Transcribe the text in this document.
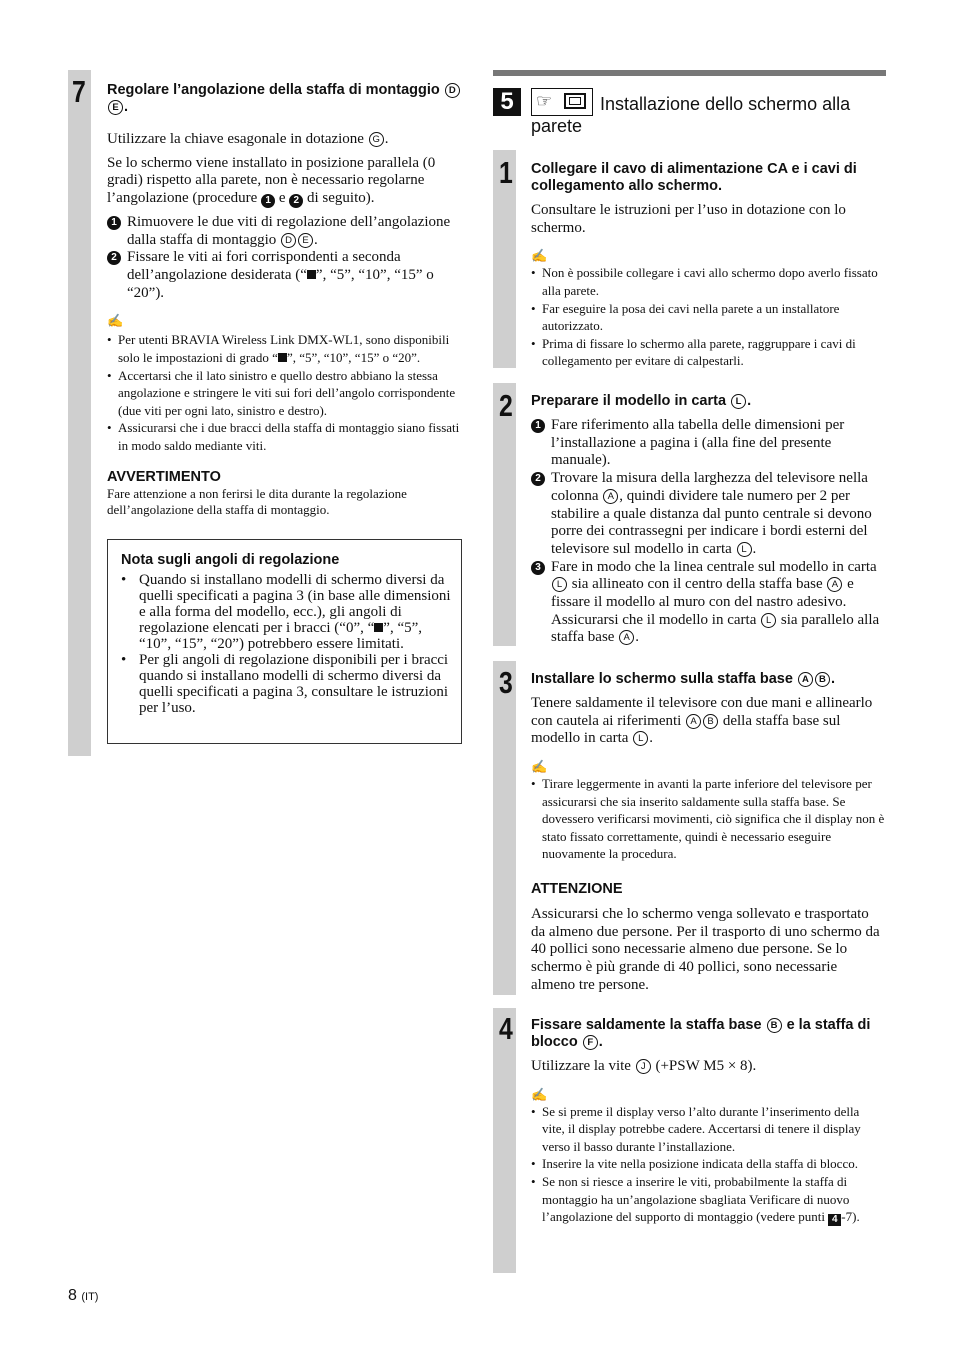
7 Regolare l’angolazione della staffa di montaggio DE .

Utilizzare la chiave esagonale in dotazione G .

Se lo schermo viene installato in posizione parallela (0 gradi) rispetto alla parete, non è necessario regolarne l’angolazione (procedure 1 e 2 di seguito).

1 Rimuovere le due viti di regolazione dell’angolazione dalla staffa di montaggio D E .
2 Fissare le viti ai fori corrispondenti a seconda dell’angolazione desiderata (“ ”, “5”, “10”, “15” o “20”).

✍

• Per utenti BRAVIA Wireless Link DMX-WL1, sono disponibili solo le impostazioni di grado “ ”, “5”, “10”, “15” o “20”.
• Accertarsi che il lato sinistro e quello destro abbiano la stessa angolazione e stringere le viti sui fori dell’angolo corrispondente (due viti per ogni lato, sinistro e destro).
• Assicurarsi che i due bracci della staffa di montaggio siano fissati in modo saldo mediante viti.

AVVERTIMENTO

Fare attenzione a non ferirsi le dita durante la regolazione dell’angolazione della staffa di montaggio.

Nota sugli angoli di regolazione

• Quando si installano modelli di schermo diversi da quelli specificati a pagina 3 (in base alle dimensioni e alla forma del modello, ecc.), gli angoli di regolazione elencati per i bracci (“0”, “ ”, “5”, “10”, “15”, “20”) potrebbero essere limitati.
• Per gli angoli di regolazione disponibili per i bracci quando si installano modelli di schermo diversi da quelli specificati a pagina 3, consultare le istruzioni per l’uso.
5	☞	Installazione dello schermo alla parete
1 Collegare il cavo di alimentazione CA e i cavi di collegamento allo schermo.

Consultare le istruzioni per l’uso in dotazione con lo schermo.

✍

• Non è possibile collegare i cavi allo schermo dopo averlo fissato alla parete.
• Far eseguire la posa dei cavi nella parete a un installatore autorizzato.
• Prima di fissare lo schermo alla parete, raggruppare i cavi di collegamento per evitare di calpestarli.
2 Preparare il modello in carta L .

1 Fare riferimento alla tabella delle dimensioni per l’installazione a pagina i (alla fine del presente manuale).
2 Trovare la misura della larghezza del televisore nella colonna A , quindi dividere tale numero per 2 per stabilire a quale distanza dal punto centrale si devono porre dei contrassegni per indicare i bordi esterni del televisore sul modello in carta L .
3 Fare in modo che la linea centrale sul modello in carta L sia allineato con il centro della staffa base A e fissare il modello al muro con del nastro adesivo. Assicurarsi che il modello in carta L sia parallelo alla staffa base A .
3 Installare lo schermo sulla staffa base A B .

Tenere saldamente il televisore con due mani e allinearlo con cautela ai riferimenti A B della staffa base sul modello in carta L .

✍

• Tirare leggermente in avanti la parte inferiore del televisore per assicurarsi che sia inserito saldamente sulla staffa base. Se dovessero verificarsi movimenti, ciò significa che il display non è stato fissato correttamente, quindi è necessario eseguire nuovamente la procedura.

ATTENZIONE

Assicurarsi che lo schermo venga sollevato e trasportato da almeno due persone. Per il trasporto di uno schermo da 40 pollici sono necessarie almeno due persone. Se lo schermo è più grande di 40 pollici, sono necessarie almeno tre persone.

4 Fissare saldamente la staffa base B e la staffa di blocco F .

Utilizzare la vite J (+PSW M5 × 8).

✍

• Se si preme il display verso l’alto durante l’inserimento della vite, il display potrebbe cadere. Accertarsi di tenere il display verso il basso durante l’installazione.
• Inserire la vite nella posizione indicata della staffa di blocco.
• Se non si riesce a inserire le viti, probabilmente la staffa di montaggio ha un’angolazione sbagliata Verificare di nuovo l’angolazione del supporto di montaggio (vedere punti 4 -7).
8 (IT)
